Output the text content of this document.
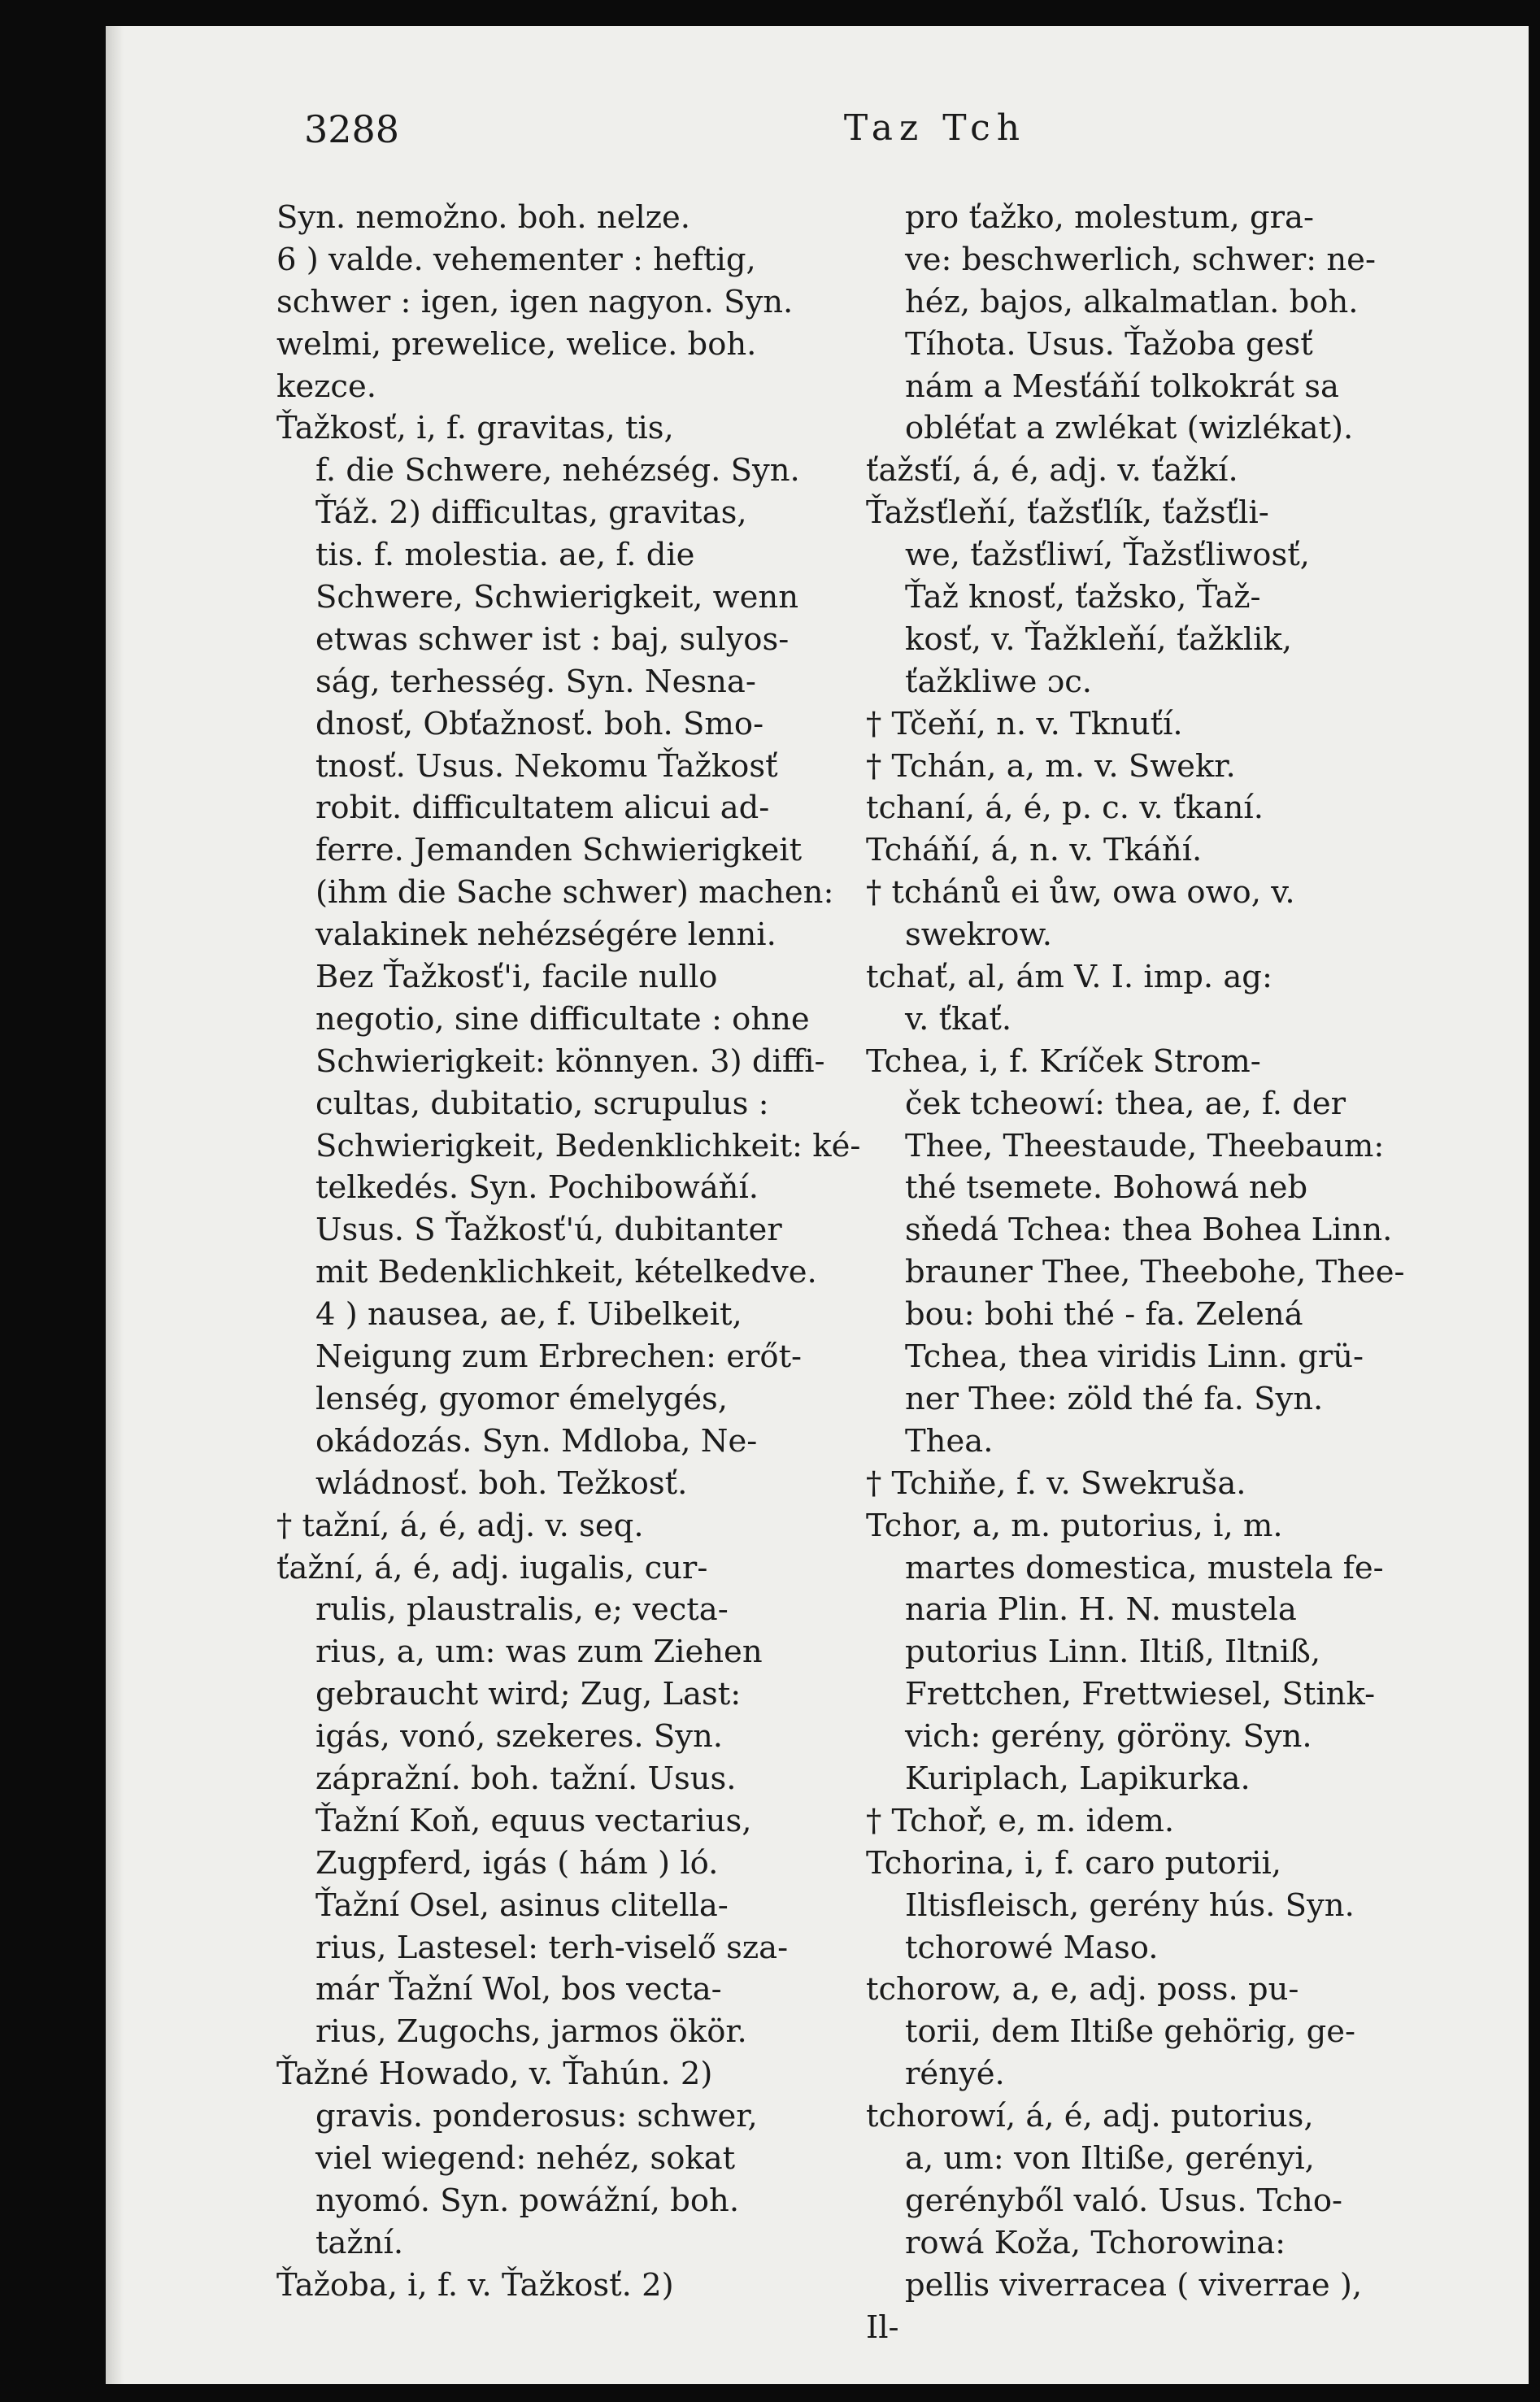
3288	Taz Tch
Syn. nemožno. boh. nelze.
6 ) valde. vehementer : heftig,
schwer : igen, igen nagyon. Syn.
welmi, prewelice, welice. boh.
kezce.
Ťažkosť, i, f. gravitas, tis,
f. die Schwere, nehézség. Syn.
Ťáž. 2) difficultas, gravitas,
tis. f. molestia. ae, f. die
Schwere, Schwierigkeit, wenn
etwas schwer ist : baj, sulyos-
ság, terhesség. Syn. Nesna-
dnosť, Obťažnosť. boh. Smo-
tnosť. Usus. Nekomu Ťažkosť
robit. difficultatem alicui ad-
ferre. Jemanden Schwierigkeit
(ihm die Sache schwer) machen:
valakinek nehézségére lenni.
Bez Ťažkosť'i, facile nullo
negotio, sine difficultate : ohne
Schwierigkeit: könnyen. 3) diffi-
cultas, dubitatio, scrupulus :
Schwierigkeit, Bedenklichkeit: ké-
telkedés. Syn. Pochibowáňí.
Usus. S Ťažkosť'ú, dubitanter
mit Bedenklichkeit, kételkedve.
4 ) nausea, ae, f. Uibelkeit,
Neigung zum Erbrechen: erőt-
lenség, gyomor émelygés,
okádozás. Syn. Mdloba, Ne-
wládnosť. boh. Težkosť.
† tažní, á, é, adj. v. seq.
ťažní, á, é, adj. iugalis, cur-
rulis, plaustralis, e; vecta-
rius, a, um: was zum Ziehen
gebraucht wird; Zug, Last:
igás, vonó, szekeres. Syn.
zápražní. boh. tažní. Usus.
Ťažní Koň, equus vectarius,
Zugpferd, igás ( hám ) ló.
Ťažní Osel, asinus clitella-
rius, Lastesel: terh-viselő sza-
már Ťažní Wol, bos vecta-
rius, Zugochs, jarmos ökör.
Ťažné Howado, v. Ťahún. 2)
gravis. ponderosus: schwer,
viel wiegend: nehéz, sokat
nyomó. Syn. powážní, boh.
tažní.
Ťažoba, i, f. v. Ťažkosť. 2)
pro ťažko, molestum, gra-
ve: beschwerlich, schwer: ne-
héz, bajos, alkalmatlan. boh.
Tíhota. Usus. Ťažoba gesť
nám a Mesťáňí tolkokrát sa
obléťat a zwlékat (wizlékat).
ťažsťí, á, é, adj. v. ťažkí.
Ťažsťleňí, ťažsťlík, ťažsťli-
we, ťažsťliwí, Ťažsťliwosť,
Ťaž knosť, ťažsko, Ťaž-
kosť, v. Ťažkleňí, ťažklik,
ťažkliwe ɔc.
† Tčeňí, n. v. Tknuťí.
† Tchán, a, m. v. Swekr.
tchaní, á, é, p. c. v. ťkaní.
Tcháňí, á, n. v. Tkáňí.
† tchánů ei ůw, owa owo, v.
swekrow.
tchať, al, ám V. I. imp. ag:
v. ťkať.
Tchea, i, f. Kríček Strom-
ček tcheowí: thea, ae, f. der
Thee, Theestaude, Theebaum:
thé tsemete. Bohowá neb
sňedá Tchea: thea Bohea Linn.
brauner Thee, Theebohe, Thee-
bou: bohi thé - fa. Zelená
Tchea, thea viridis Linn. grü-
ner Thee: zöld thé fa. Syn.
Thea.
† Tchiňe, f. v. Swekruša.
Tchor, a, m. putorius, i, m.
martes domestica, mustela fe-
naria Plin. H. N. mustela
putorius Linn. Iltiß, Iltniß,
Frettchen, Frettwiesel, Stink-
vich: gerény, göröny. Syn.
Kuriplach, Lapikurka.
† Tchoř, e, m. idem.
Tchorina, i, f. caro putorii,
Iltisfleisch, gerény hús. Syn.
tchorowé Maso.
tchorow, a, e, adj. poss. pu-
torii, dem Iltiße gehörig, ge-
rényé.
tchorowí, á, é, adj. putorius,
a, um: von Iltiße, gerényi,
gerényből való. Usus. Tcho-
rowá Koža, Tchorowina:
pellis viverracea ( viverrae ),
Il-
